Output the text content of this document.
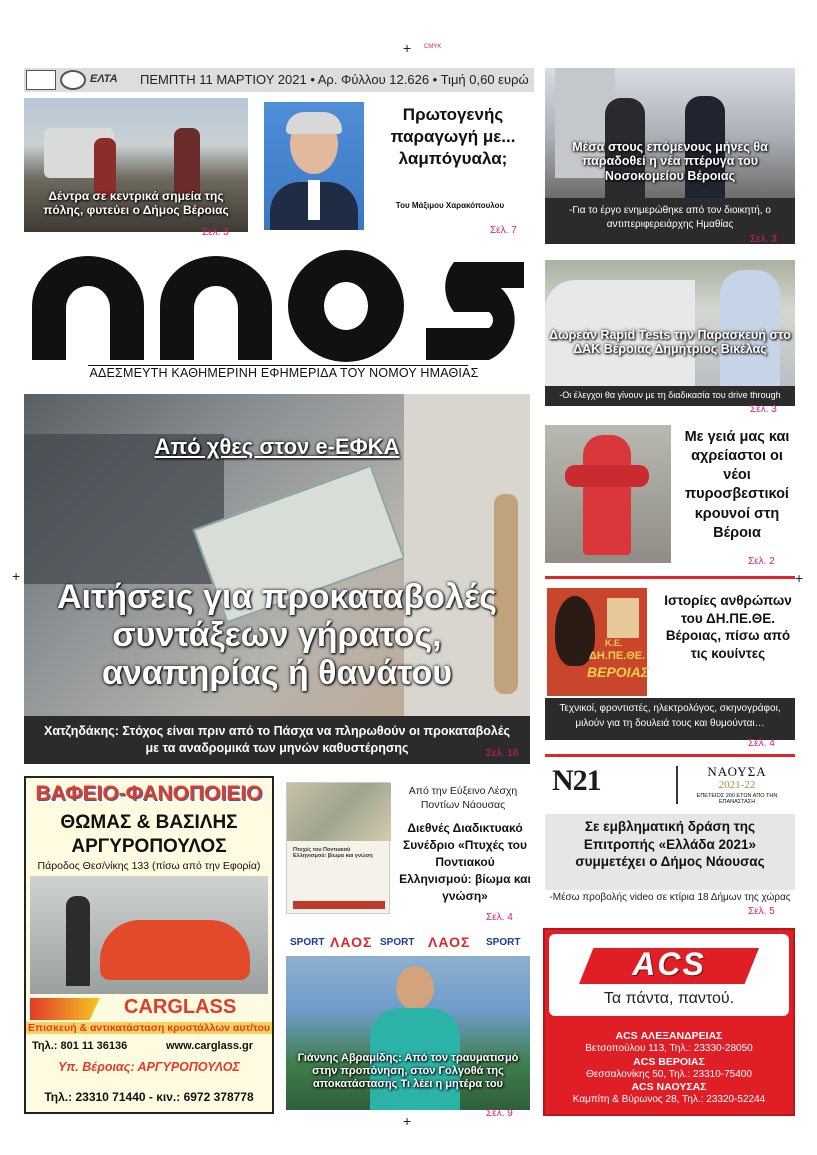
+ CMYK
+	+
+
ΕΛΤΑ ΠΕΜΠΤΗ 11 ΜΑΡΤΙΟΥ 2021 • Αρ. Φύλλου 12.626 • Τιμή 0,60 ευρώ
Δέντρα σε κεντρικά σημεία της πόλης, φυτεύει ο Δήμος Βέροιας
Σελ. 3
Πρωτογενής παραγωγή με... λαμπόγυαλα;
Του Μάξιμου Χαρακόπουλου
Σελ. 7
Μέσα στους επόμενους μήνες θα παραδοθεί η νέα πτέρυγα του Νοσοκομείου Βέροιας
-Για το έργο ενημερώθηκε από τον διοικητή, ο αντιπεριφερειάρχης Ημαθίας
Σελ. 3
ΑΔΕΣΜΕΥΤΗ ΚΑΘΗΜΕΡΙΝΗ ΕΦΗΜΕΡΙΔΑ ΤΟΥ ΝΟΜΟΥ ΗΜΑΘΙΑΣ
Δωρεάν Rapid Tests την Παρασκευή στο ΔΑΚ Βέροιας Δημήτριος Βικέλας
-Οι έλεγχοι θα γίνουν με τη διαδικασία του drive through
Σελ. 3
Από χθες στον e-ΕΦΚΑ
Αιτήσεις για προκαταβολές
συντάξεων γήρατος,
αναπηρίας ή θανάτου
Χατζηδάκης: Στόχος είναι πριν από το Πάσχα να πληρωθούν οι προκαταβολές
με τα αναδρομικά των μηνών καθυστέρησης	Σελ. 16
Με γειά μας και αχρείαστοι οι νέοι πυροσβεστικοί κρουνοί στη Βέροια
Σελ. 2
Κ.Ε.
ΔΗ.ΠΕ.ΘΕ.
ΒΕΡΟΙΑΣ
Ιστορίες ανθρώπων του ΔΗ.ΠΕ.ΘΕ. Βέροιας, πίσω από τις κουίντες
Τεχνικοί, φροντιστές, ηλεκτρολόγος, σκηνογράφοι, μιλούν για τη δουλειά τους και θυμούνται…
Σελ. 4
N21	ΝΑΟΥΣΑ
2021-22
ΕΠΕΤΕΙΟΣ 200 ΕΤΩΝ ΑΠΟ ΤΗΝ ΕΠΑΝΑΣΤΑΣΗ
Σε εμβληματική δράση της Επιτροπής «Ελλάδα 2021» συμμετέχει ο Δήμος Νάουσας
-Μέσω προβολής video σε κτίρια 18 Δήμων της χώρας
Σελ. 5
ΒΑΦΕΙΟ-ΦΑΝΟΠΟΙΕΙΟ
ΘΩΜΑΣ & ΒΑΣΙΛΗΣ
ΑΡΓΥΡΟΠΟΥΛΟΣ
Πάροδος Θεσ/νίκης 133 (πίσω από την Εφορία)
CARGLASS
Επισκευή & αντικατάσταση κρυστάλλων αυτ/του
Τηλ.: 801 11 36136	www.carglass.gr
Υπ. Βέροιας: ΑΡΓΥΡΟΠΟΥΛΟΣ
Τηλ.: 23310 71440 - κιν.: 6972 378778
Πτυχές του Ποντιακού Ελληνισμού: βίωμα και γνώση
Από την Εύξεινο Λέσχη Ποντίων Νάουσας
Διεθνές Διαδικτυακό Συνέδριο «Πτυχές του Ποντιακού Ελληνισμού: βίωμα και γνώση»
Σελ. 4
SPORT ΛΑΟΣ SPORT ΛΑΟΣ SPORT
Γιάννης Αβραμίδης: Από τον τραυματισμό στην προπόνηση, στον Γολγοθά της αποκατάστασης Τι λέει η μητέρα του
Σελ. 9
ACS
Τα πάντα, παντού.
ACS ΑΛΕΞΑΝΔΡΕΙΑΣ
Βετσοπούλου 113, Τηλ.: 23330-28050
ACS ΒΕΡΟΙΑΣ
Θεσσαλονίκης 50, Τηλ.: 23310-75400
ACS ΝΑΟΥΣΑΣ
Καμπίτη & Βύρωνος 28, Τηλ.: 23320-52244
